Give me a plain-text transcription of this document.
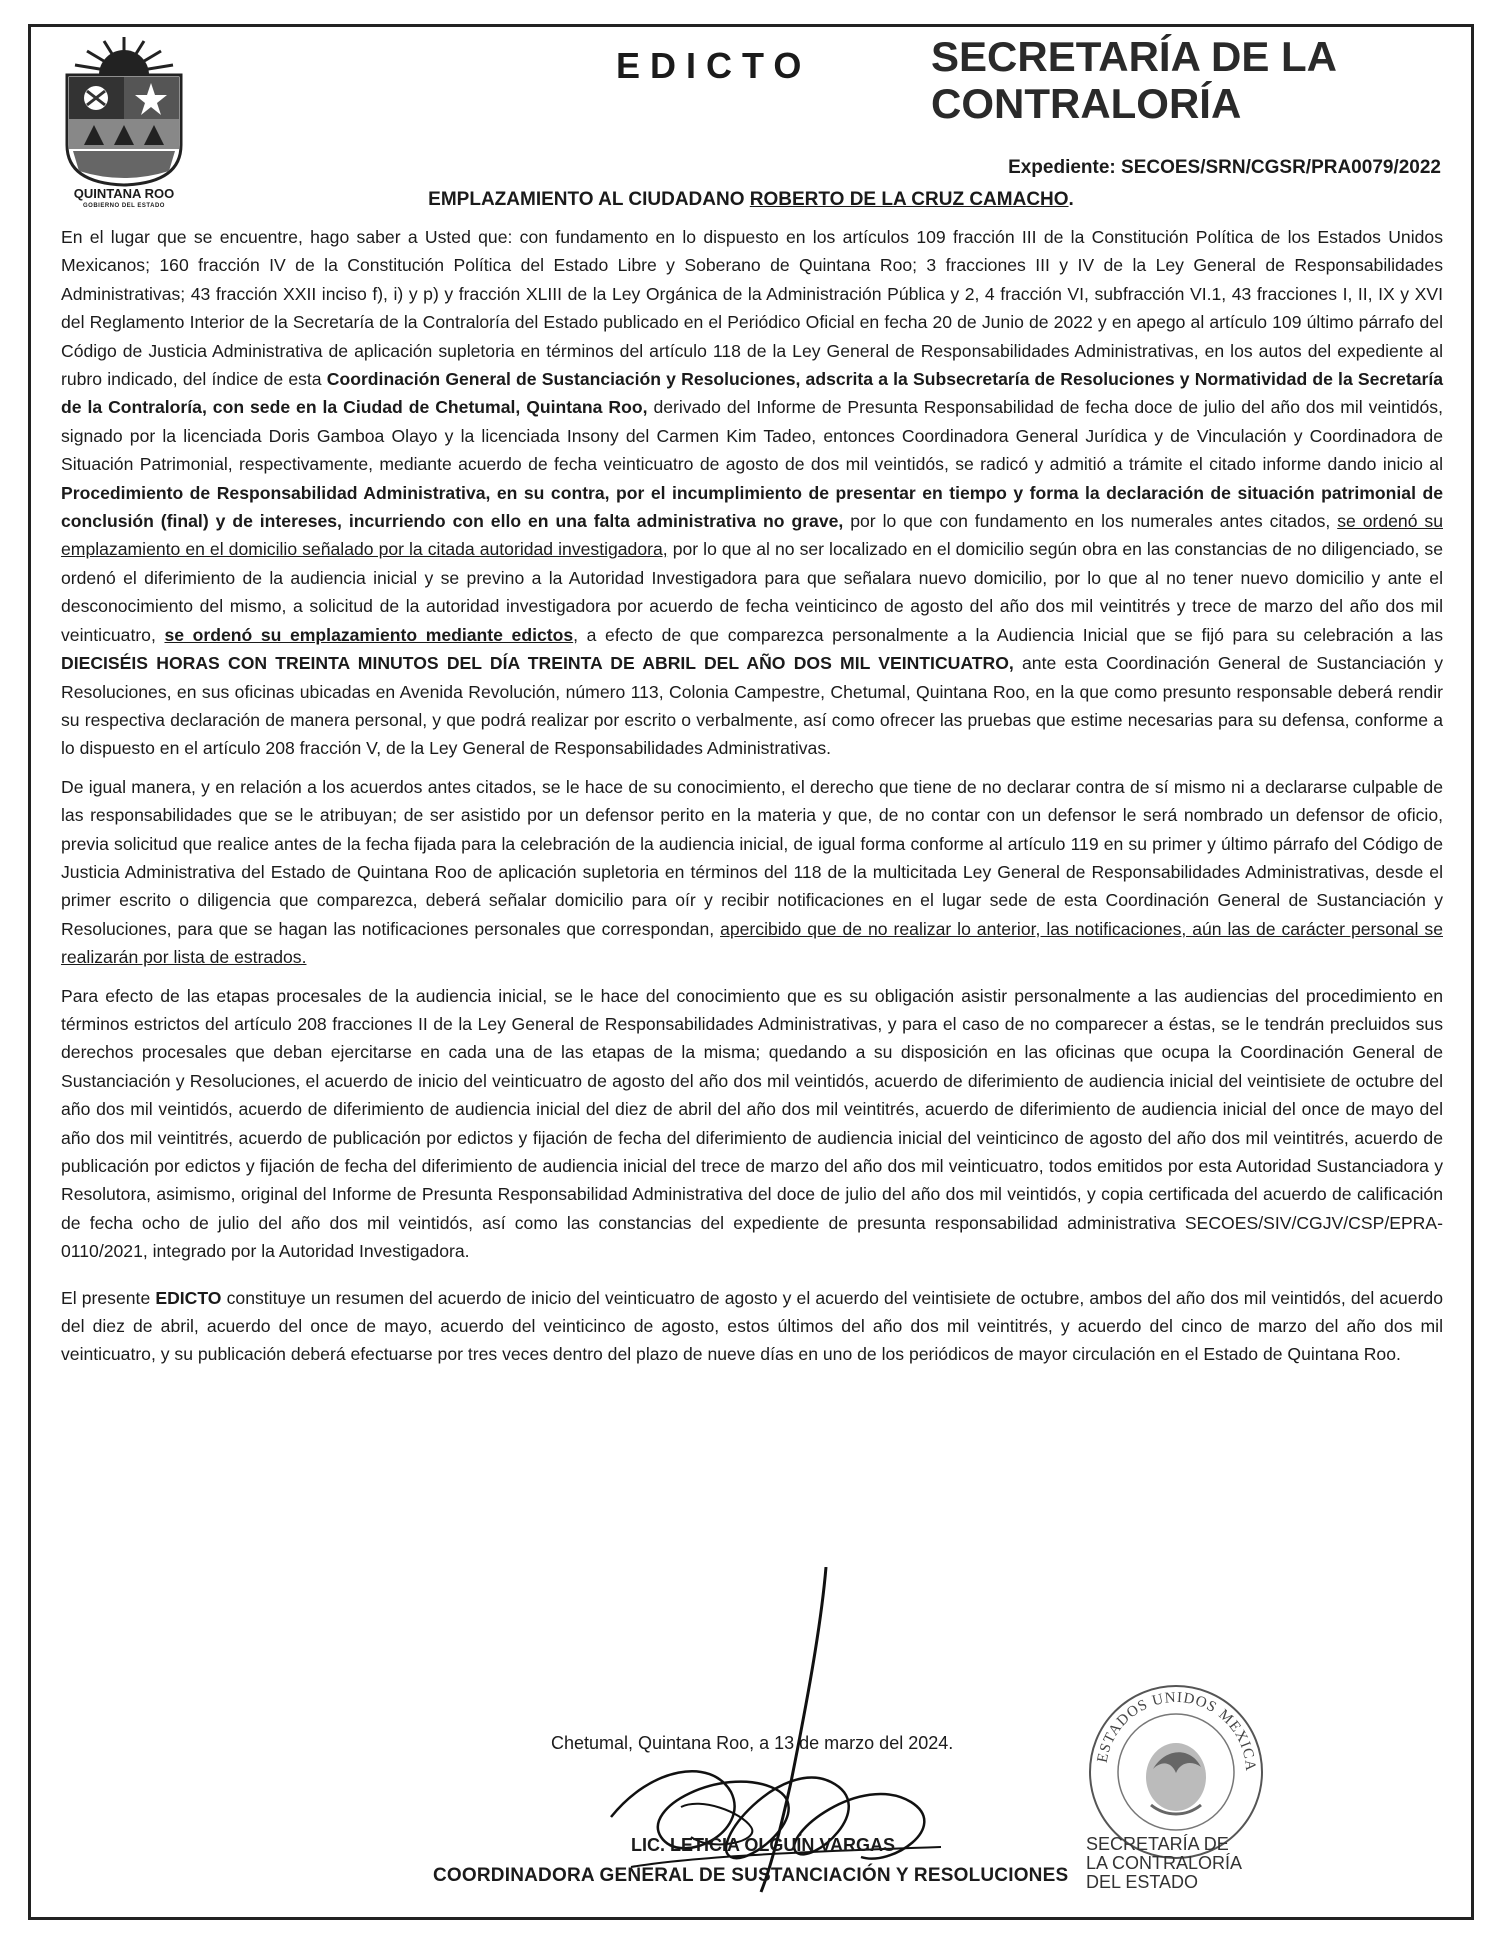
QUINTANA ROO
GOBIERNO DEL ESTADO
EDICTO	SECRETARÍA DE LA
CONTRALORÍA
Expediente: SECOES/SRN/CGSR/PRA0079/2022
EMPLAZAMIENTO AL CIUDADANO ROBERTO DE LA CRUZ CAMACHO.

En el lugar que se encuentre, hago saber a Usted que: con fundamento en lo dispuesto en los artículos 109 fracción III de la Constitución Política de los Estados Unidos Mexicanos; 160 fracción IV de la Constitución Política del Estado Libre y Soberano de Quintana Roo; 3 fracciones III y IV de la Ley General de Responsabilidades Administrativas; 43 fracción XXII inciso f), i) y p) y fracción XLIII de la Ley Orgánica de la Administración Pública y 2, 4 fracción VI, subfracción VI.1, 43 fracciones I, II, IX y XVI del Reglamento Interior de la Secretaría de la Contraloría del Estado publicado en el Periódico Oficial en fecha 20 de Junio de 2022 y en apego al artículo 109 último párrafo del Código de Justicia Administrativa de aplicación supletoria en términos del artículo 118 de la Ley General de Responsabilidades Administrativas, en los autos del expediente al rubro indicado, del índice de esta Coordinación General de Sustanciación y Resoluciones, adscrita a la Subsecretaría de Resoluciones y Normatividad de la Secretaría de la Contraloría, con sede en la Ciudad de Chetumal, Quintana Roo, derivado del Informe de Presunta Responsabilidad de fecha doce de julio del año dos mil veintidós, signado por la licenciada Doris Gamboa Olayo y la licenciada Insony del Carmen Kim Tadeo, entonces Coordinadora General Jurídica y de Vinculación y Coordinadora de Situación Patrimonial, respectivamente, mediante acuerdo de fecha veinticuatro de agosto de dos mil veintidós, se radicó y admitió a trámite el citado informe dando inicio al Procedimiento de Responsabilidad Administrativa, en su contra, por el incumplimiento de presentar en tiempo y forma la declaración de situación patrimonial de conclusión (final) y de intereses, incurriendo con ello en una falta administrativa no grave, por lo que con fundamento en los numerales antes citados, se ordenó su emplazamiento en el domicilio señalado por la citada autoridad investigadora, por lo que al no ser localizado en el domicilio según obra en las constancias de no diligenciado, se ordenó el diferimiento de la audiencia inicial y se previno a la Autoridad Investigadora para que señalara nuevo domicilio, por lo que al no tener nuevo domicilio y ante el desconocimiento del mismo, a solicitud de la autoridad investigadora por acuerdo de fecha veinticinco de agosto del año dos mil veintitrés y trece de marzo del año dos mil veinticuatro, se ordenó su emplazamiento mediante edictos, a efecto de que comparezca personalmente a la Audiencia Inicial que se fijó para su celebración a las DIECISÉIS HORAS CON TREINTA MINUTOS DEL DÍA TREINTA DE ABRIL DEL AÑO DOS MIL VEINTICUATRO, ante esta Coordinación General de Sustanciación y Resoluciones, en sus oficinas ubicadas en Avenida Revolución, número 113, Colonia Campestre, Chetumal, Quintana Roo, en la que como presunto responsable deberá rendir su respectiva declaración de manera personal, y que podrá realizar por escrito o verbalmente, así como ofrecer las pruebas que estime necesarias para su defensa, conforme a lo dispuesto en el artículo 208 fracción V, de la Ley General de Responsabilidades Administrativas.

De igual manera, y en relación a los acuerdos antes citados, se le hace de su conocimiento, el derecho que tiene de no declarar contra de sí mismo ni a declararse culpable de las responsabilidades que se le atribuyan; de ser asistido por un defensor perito en la materia y que, de no contar con un defensor le será nombrado un defensor de oficio, previa solicitud que realice antes de la fecha fijada para la celebración de la audiencia inicial, de igual forma conforme al artículo 119 en su primer y último párrafo del Código de Justicia Administrativa del Estado de Quintana Roo de aplicación supletoria en términos del 118 de la multicitada Ley General de Responsabilidades Administrativas, desde el primer escrito o diligencia que comparezca, deberá señalar domicilio para oír y recibir notificaciones en el lugar sede de esta Coordinación General de Sustanciación y Resoluciones, para que se hagan las notificaciones personales que correspondan, apercibido que de no realizar lo anterior, las notificaciones, aún las de carácter personal se realizarán por lista de estrados.

Para efecto de las etapas procesales de la audiencia inicial, se le hace del conocimiento que es su obligación asistir personalmente a las audiencias del procedimiento en términos estrictos del artículo 208 fracciones II de la Ley General de Responsabilidades Administrativas, y para el caso de no comparecer a éstas, se le tendrán precluidos sus derechos procesales que deban ejercitarse en cada una de las etapas de la misma; quedando a su disposición en las oficinas que ocupa la Coordinación General de Sustanciación y Resoluciones, el acuerdo de inicio del veinticuatro de agosto del año dos mil veintidós, acuerdo de diferimiento de audiencia inicial del veintisiete de octubre del año dos mil veintidós, acuerdo de diferimiento de audiencia inicial del diez de abril del año dos mil veintitrés, acuerdo de diferimiento de audiencia inicial del once de mayo del año dos mil veintitrés, acuerdo de publicación por edictos y fijación de fecha del diferimiento de audiencia inicial del veinticinco de agosto del año dos mil veintitrés, acuerdo de publicación por edictos y fijación de fecha del diferimiento de audiencia inicial del trece de marzo del año dos mil veinticuatro, todos emitidos por esta Autoridad Sustanciadora y Resolutora, asimismo, original del Informe de Presunta Responsabilidad Administrativa del doce de julio del año dos mil veintidós, y copia certificada del acuerdo de calificación de fecha ocho de julio del año dos mil veintidós, así como las constancias del expediente de presunta responsabilidad administrativa SECOES/SIV/CGJV/CSP/EPRA-0110/2021, integrado por la Autoridad Investigadora.

El presente EDICTO constituye un resumen del acuerdo de inicio del veinticuatro de agosto y el acuerdo del veintisiete de octubre, ambos del año dos mil veintidós, del acuerdo del diez de abril, acuerdo del once de mayo, acuerdo del veinticinco de agosto, estos últimos del año dos mil veintitrés, y acuerdo del cinco de marzo del año dos mil veinticuatro, y su publicación deberá efectuarse por tres veces dentro del plazo de nueve días en uno de los periódicos de mayor circulación en el Estado de Quintana Roo.

Chetumal, Quintana Roo, a 13 de marzo del 2024.
LIC. LETICIA OLGUÍN VARGAS
COORDINADORA GENERAL DE SUSTANCIACIÓN Y RESOLUCIONES
ESTADOS UNIDOS MEXICA
SECRETARÍA DE
LA CONTRALORÍA
DEL ESTADO
